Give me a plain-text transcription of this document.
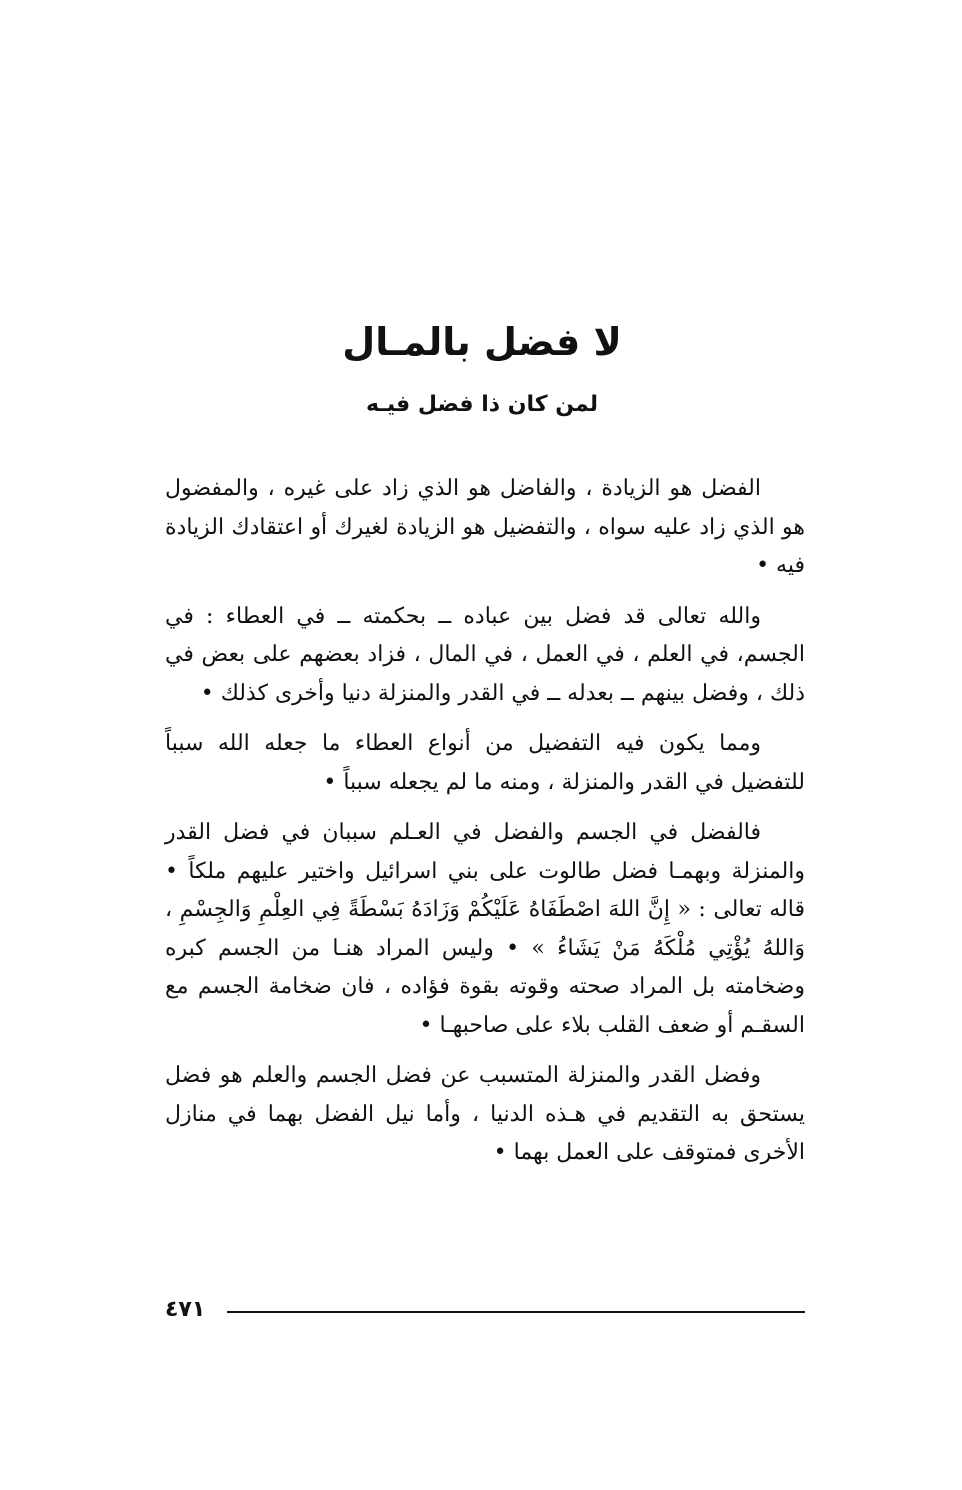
لا فضل بالمـال
لمن كان ذا فضل فيـه

الفضل هو الزيادة ، والفاضل هو الذي زاد على غيره ، والمفضول هو الذي زاد عليه سواه ، والتفضيل هو الزيادة لغيرك أو اعتقادك الزيادة فيه •

والله تعالى قد فضل بين عباده ــ بحكمته ــ في العطاء : في الجسم، في العلم ، في العمل ، في المال ، فزاد بعضهم على بعض في ذلك ، وفضل بينهم ــ بعدله ــ في القدر والمنزلة دنيا وأخرى كذلك •

ومما يكون فيه التفضيل من أنواع العطاء ما جعله الله سبباً للتفضيل في القدر والمنزلة ، ومنه ما لم يجعله سبباً •

فالفضل في الجسم والفضل في العـلم سببان في فضل القدر والمنزلة وبهمـا فضل طالوت على بني اسرائيل واختير عليهم ملكاً • قاله تعالى : « إِنَّ اللهَ اصْطَفَاهُ عَلَيْكُمْ وَزَادَهُ بَسْطَةً فِي العِلْمِ وَالجِسْمِ ، وَاللهُ يُؤْتِي مُلْكَهُ مَنْ يَشَاءُ » • وليس المراد هنـا من الجسم كبره وضخامته بل المراد صحته وقوته بقوة فؤاده ، فان ضخامة الجسم مع السقـم أو ضعف القلب بلاء على صاحبهـا •

وفضل القدر والمنزلة المتسبب عن فضل الجسم والعلم هو فضل يستحق به التقديم في هـذه الدنيا ، وأما نيل الفضل بهما في منازل الأخرى فمتوقف على العمل بهما •

٤٧١
